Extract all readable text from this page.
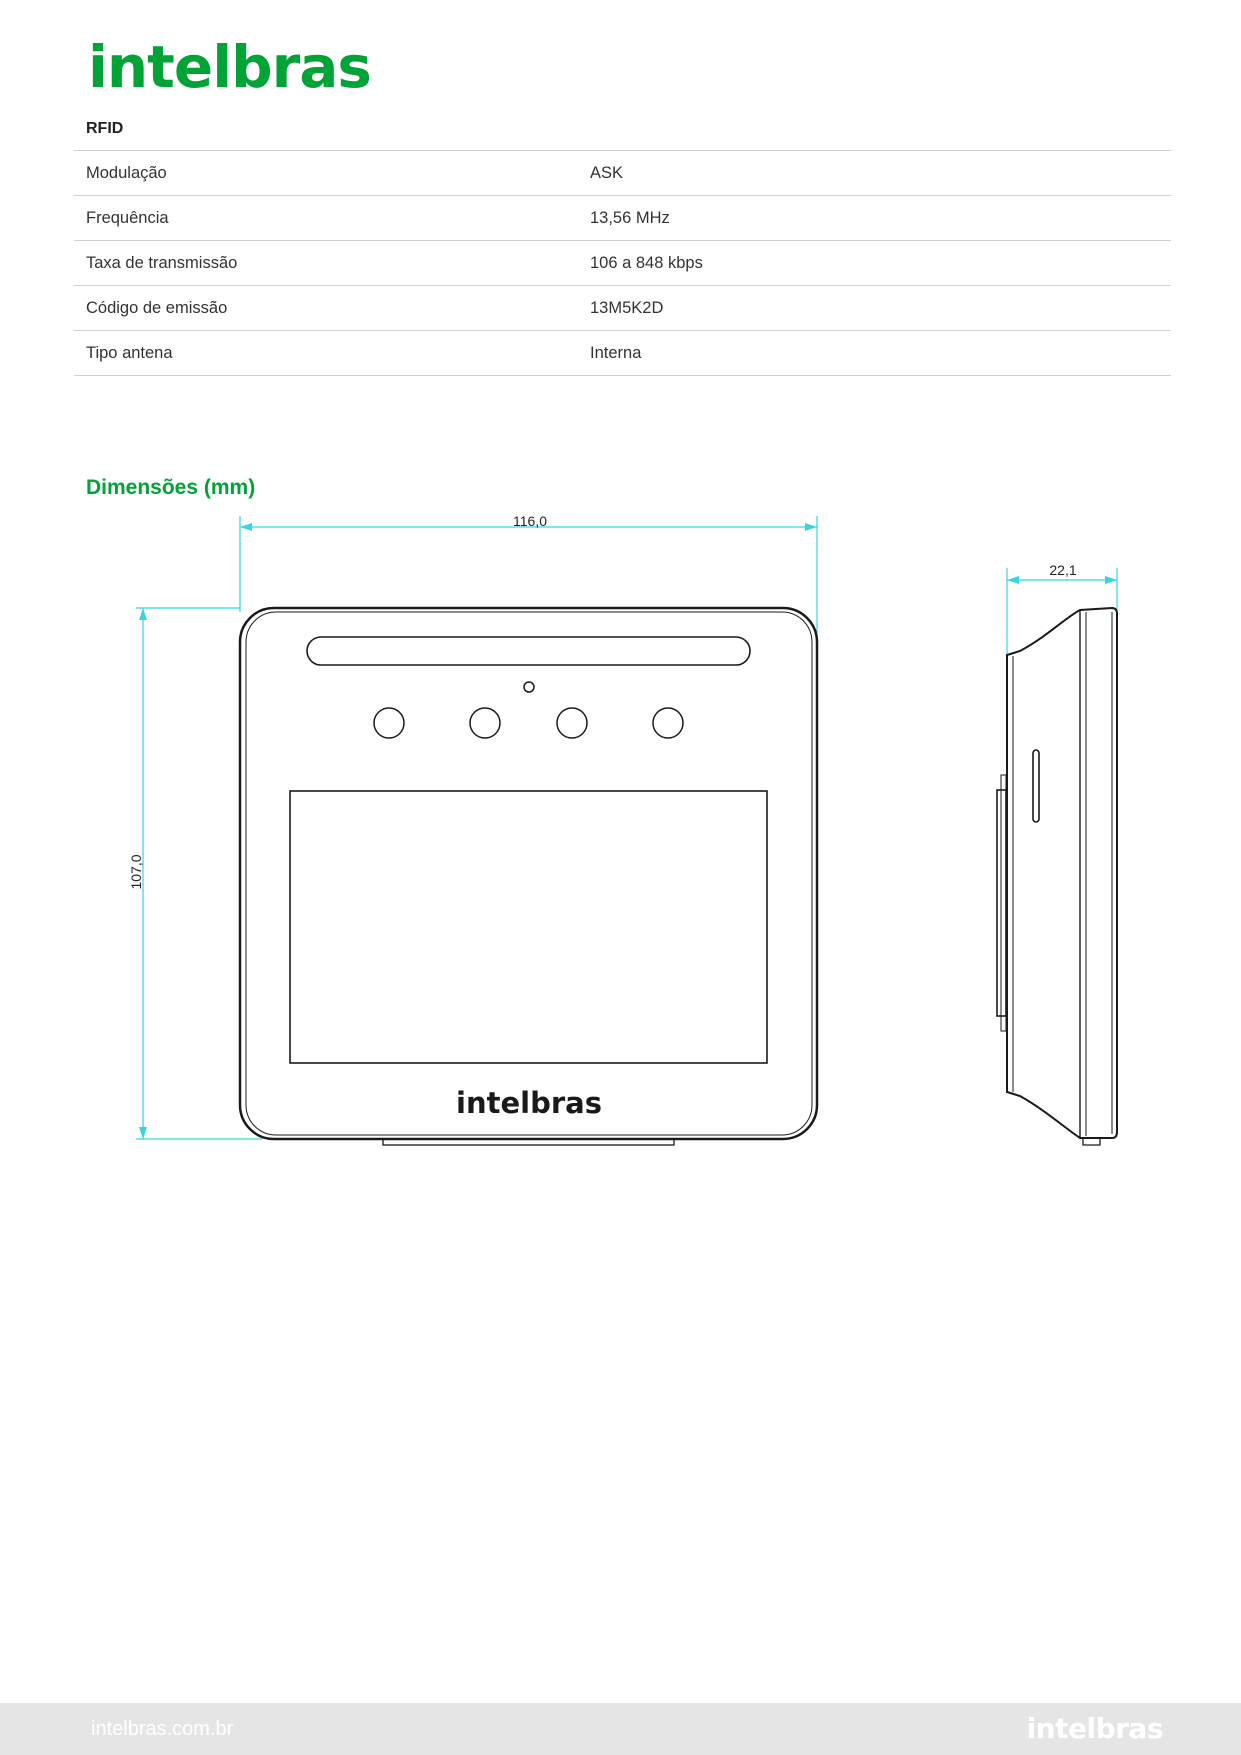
intelbras
RFID
Modulação	ASK
Frequência	13,56 MHz
Taxa de transmissão	106 a 848 kbps
Código de emissão	13M5K2D
Tipo antena	Interna
Dimensões (mm)
116,0
107,0
intelbras
22,1
intelbras.com.br	intelbras
